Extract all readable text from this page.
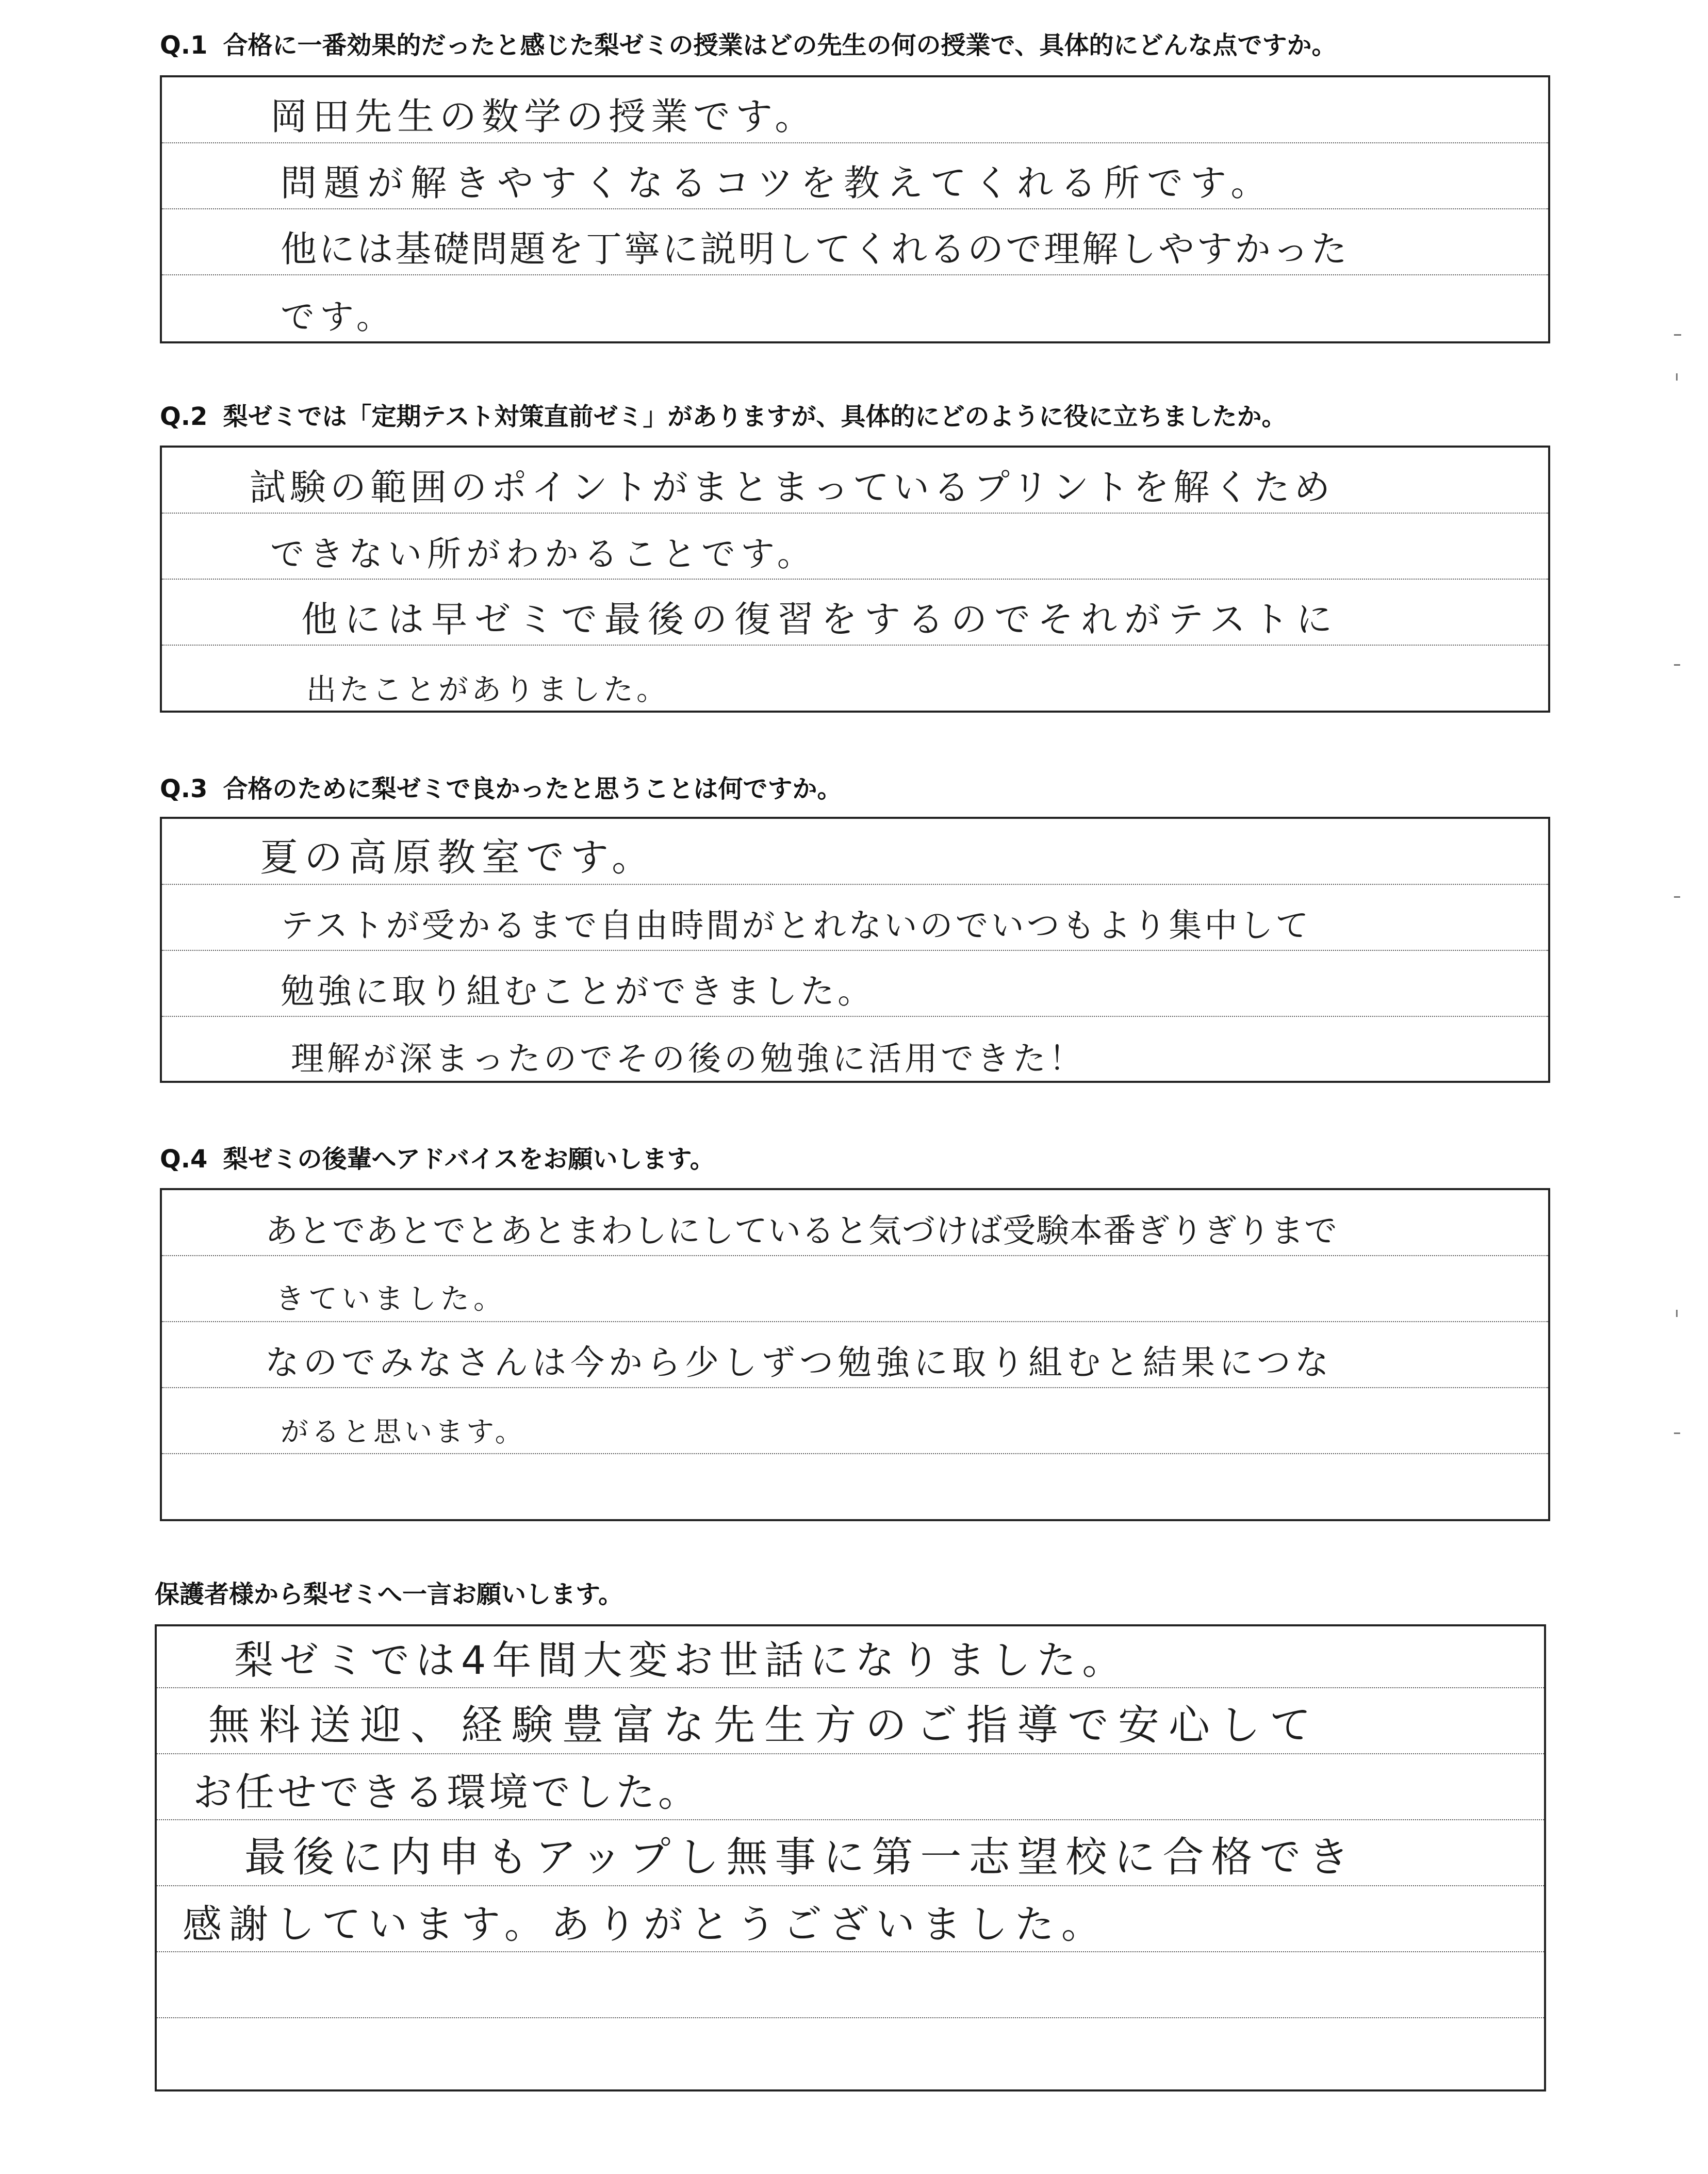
Q.1 合格に一番効果的だったと感じた梨ゼミの授業はどの先生の何の授業で、具体的にどんな点ですか。
岡田先生の数学の授業です。
問題が解きやすくなるコツを教えてくれる所です。
他には基礎問題を丁寧に説明してくれるので理解しやすかった
です。
Q.2 梨ゼミでは「定期テスト対策直前ゼミ」がありますが、具体的にどのように役に立ちましたか。
試験の範囲のポイントがまとまっているプリントを解くため
できない所がわかることです。
他には早ゼミで最後の復習をするのでそれがテストに
出たことがありました。
Q.3 合格のために梨ゼミで良かったと思うことは何ですか。
夏の高原教室です。
テストが受かるまで自由時間がとれないのでいつもより集中して
勉強に取り組むことができました。
理解が深まったのでその後の勉強に活用できた！
Q.4 梨ゼミの後輩へアドバイスをお願いします。
あとであとでとあとまわしにしていると気づけば受験本番ぎりぎりまで
きていました。
なのでみなさんは今から少しずつ勉強に取り組むと結果につな
がると思います。
保護者様から梨ゼミへ一言お願いします。
梨ゼミでは4年間大変お世話になりました。
無料送迎、経験豊富な先生方のご指導で安心して
お任せできる環境でした。
最後に内申もアップし無事に第一志望校に合格でき
感謝しています。ありがとうございました。
